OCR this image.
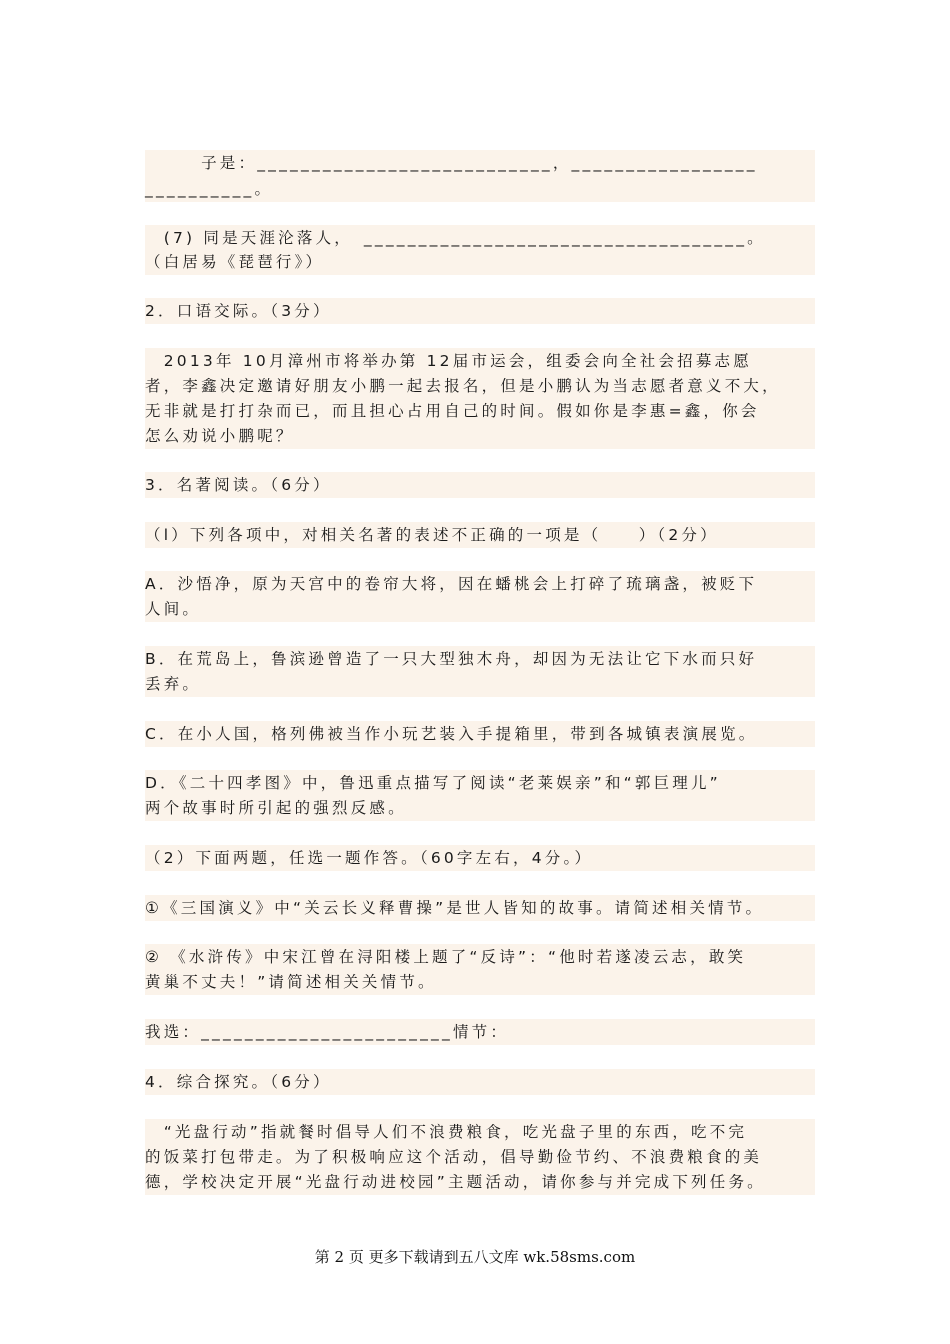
　　　子是：___________________________，_________________
__________。
　(7) 同是天涯沦落人，　___________________________________。
（白居易《琵琶行》）
2．口语交际。（3分）
　2013年 10月漳州市将举办第 12届市运会，组委会向全社会招募志愿
者，李鑫决定邀请好朋友小鹏一起去报名，但是小鹏认为当志愿者意义不大，
无非就是打打杂而已，而且担心占用自己的时间。假如你是李惠=鑫，你会
怎么劝说小鹏呢？
3．名著阅读。（6分）
（l）下列各项中，对相关名著的表述不正确的一项是（　　）（2分）
A．沙悟净，原为天宫中的卷帘大将，因在蟠桃会上打碎了琉璃盏，被贬下
人间。
B．在荒岛上，鲁滨逊曾造了一只大型独木舟，却因为无法让它下水而只好
丢弃。
C．在小人国，格列佛被当作小玩艺装入手提箱里，带到各城镇表演展览。
D．《二十四孝图》中，鲁迅重点描写了阅读“老莱娱亲”和“郭巨理儿”
两个故事时所引起的强烈反感。
（2）下面两题，任选一题作答。（60字左右，4分。）
①《三国演义》中“关云长义释曹操”是世人皆知的故事。请简述相关情节。
② 《水浒传》中宋江曾在浔阳楼上题了“反诗”：“他时若遂凌云志，敢笑
黄巢不丈夫！”请简述相关关情节。
我选：_______________________情节：
4．综合探究。（6分）
　“光盘行动”指就餐时倡导人们不浪费粮食，吃光盘子里的东西，吃不完
的饭菜打包带走。为了积极响应这个活动，倡导勤俭节约、不浪费粮食的美
德，学校决定开展“光盘行动进校园”主题活动，请你参与并完成下列任务。
第 2 页 更多下载请到五八文库 wk.58sms.com
